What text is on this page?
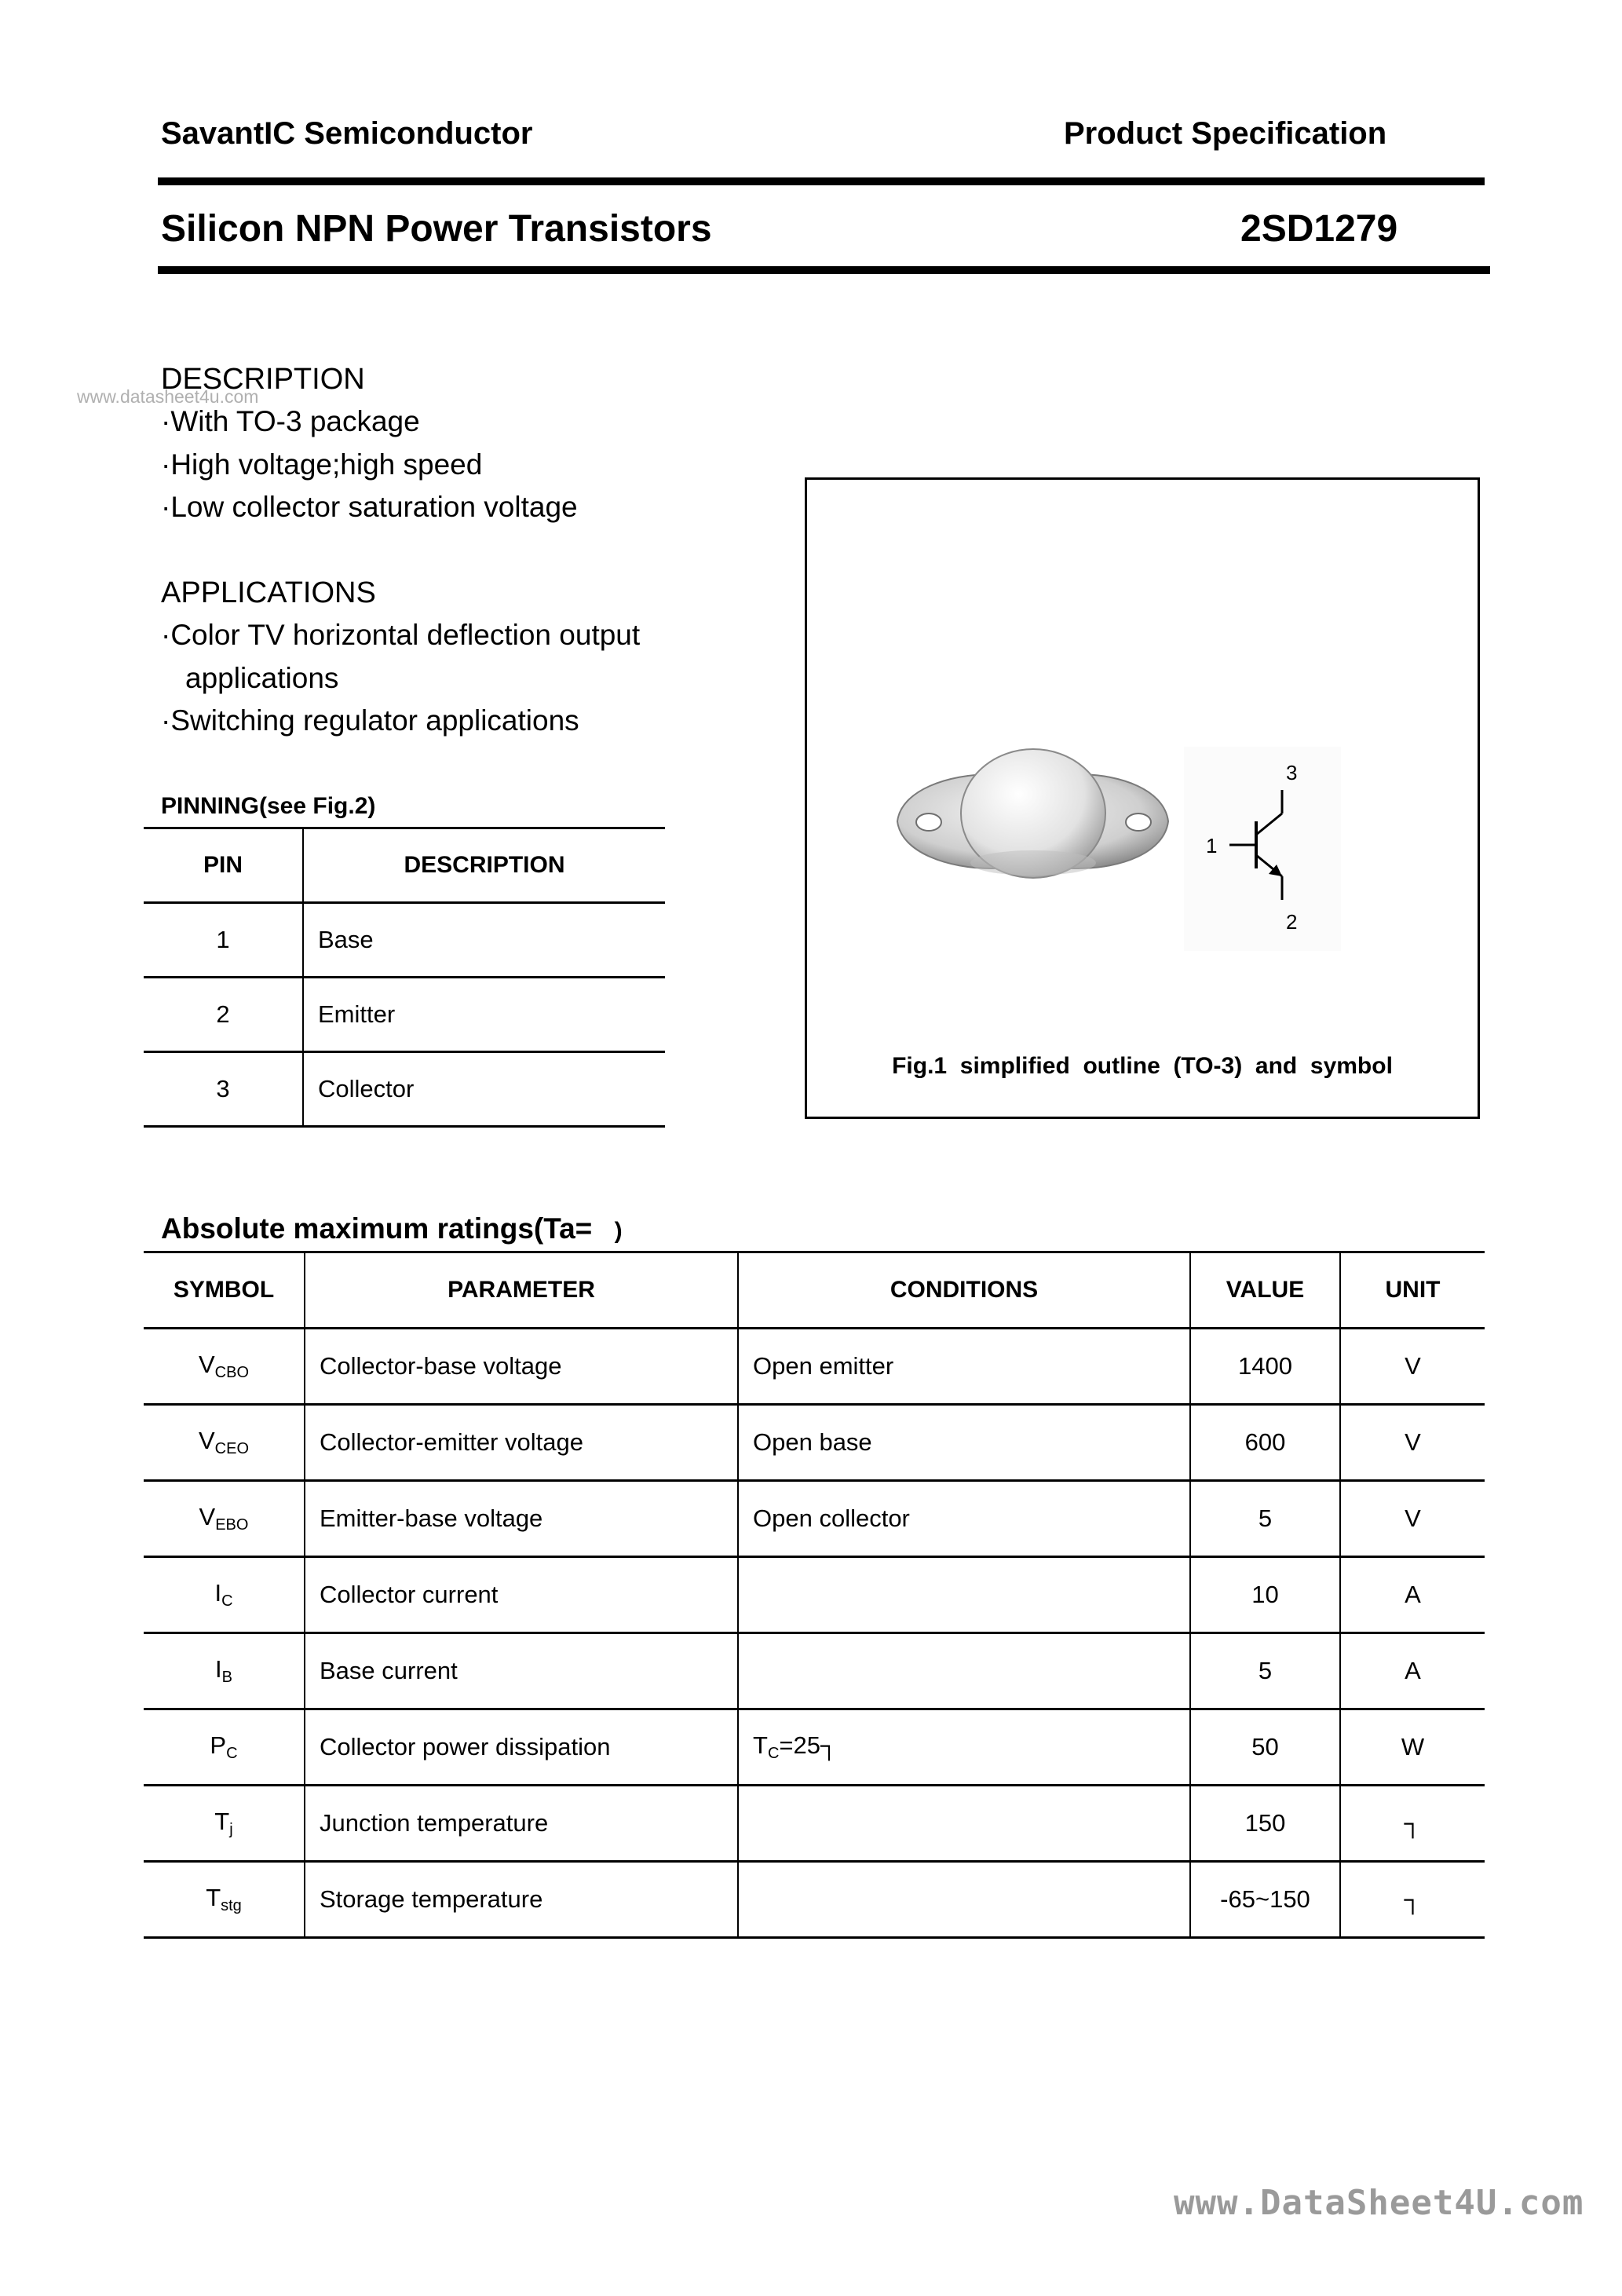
SavantIC Semiconductor	Product Specification
Silicon NPN Power Transistors	2SD1279
www.datasheet4u.com
DESCRIPTION
·With TO-3 package
·High voltage;high speed
·Low collector saturation voltage
APPLICATIONS
·Color TV horizontal deflection output
applications
·Switching regulator applications
PINNING(see Fig.2)
PIN	DESCRIPTION
1	Base
2	Emitter
3	Collector
1
2
3
Fig.1  simplified  outline  (TO-3)  and  symbol
Absolute maximum ratings(Ta= )
SYMBOL	PARAMETER	CONDITIONS	VALUE	UNIT
$V_{CBO}$	Collector-base voltage	Open emitter	1400	V
$V_{CEO}$	Collector-emitter voltage	Open base	600	V
$V_{EBO}$	Emitter-base voltage	Open collector	5	V
$I_C$	Collector current		10	A
$I_B$	Base current		5	A
$P_C$	Collector power dissipation	$T_C=25┐$	50	W
$T_j$	Junction temperature		150	┐
$T_{stg}$	Storage temperature		-65~150	┐
www.DataSheet4U.com
